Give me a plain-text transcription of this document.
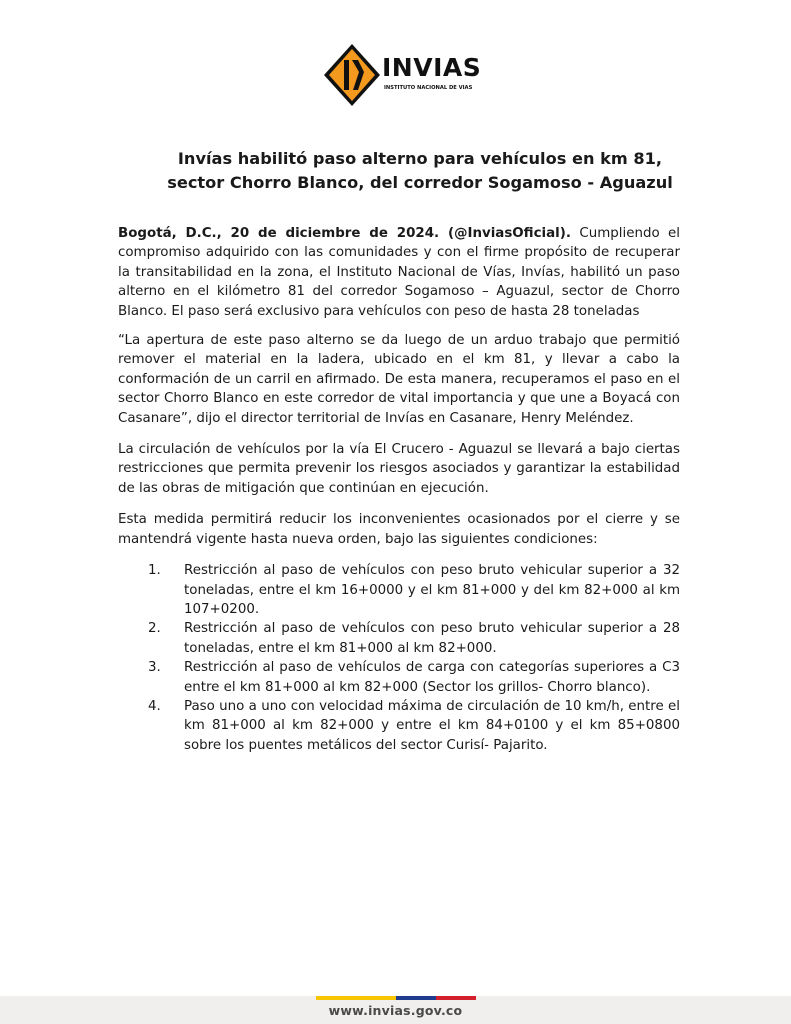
INVIAS
INSTITUTO NACIONAL DE VIAS
Invías habilitó paso alterno para vehículos en km 81, sector Chorro Blanco, del corredor Sogamoso - Aguazul

Bogotá, D.C., 20 de diciembre de 2024. (@InviasOficial). Cumpliendo el compromiso adquirido con las comunidades y con el firme propósito de recuperar la transitabilidad en la zona, el Instituto Nacional de Vías, Invías, habilitó un paso alterno en el kilómetro 81 del corredor Sogamoso – Aguazul, sector de Chorro Blanco. El paso será exclusivo para vehículos con peso de hasta 28 toneladas

“La apertura de este paso alterno se da luego de un arduo trabajo que permitió remover el material en la ladera, ubicado en el km 81, y llevar a cabo la conformación de un carril en afirmado. De esta manera, recuperamos el paso en el sector Chorro Blanco en este corredor de vital importancia y que une a Boyacá con Casanare”, dijo el director territorial de Invías en Casanare, Henry Meléndez.

La circulación de vehículos por la vía El Crucero - Aguazul se llevará a bajo ciertas restricciones que permita prevenir los riesgos asociados y garantizar la estabilidad de las obras de mitigación que continúan en ejecución.

Esta medida permitirá reducir los inconvenientes ocasionados por el cierre y se mantendrá vigente hasta nueva orden, bajo las siguientes condiciones:

1. Restricción al paso de vehículos con peso bruto vehicular superior a 32 toneladas, entre el km 16+0000 y el km 81+000 y del km 82+000 al km 107+0200.
2. Restricción al paso de vehículos con peso bruto vehicular superior a 28 toneladas, entre el km 81+000 al km 82+000.
3. Restricción al paso de vehículos de carga con categorías superiores a C3 entre el km 81+000 al km 82+000 (Sector los grillos- Chorro blanco).
4. Paso uno a uno con velocidad máxima de circulación de 10 km/h, entre el km 81+000 al km 82+000 y entre el km 84+0100 y el km 85+0800 sobre los puentes metálicos del sector Curisí- Pajarito.
www.invias.gov.co
